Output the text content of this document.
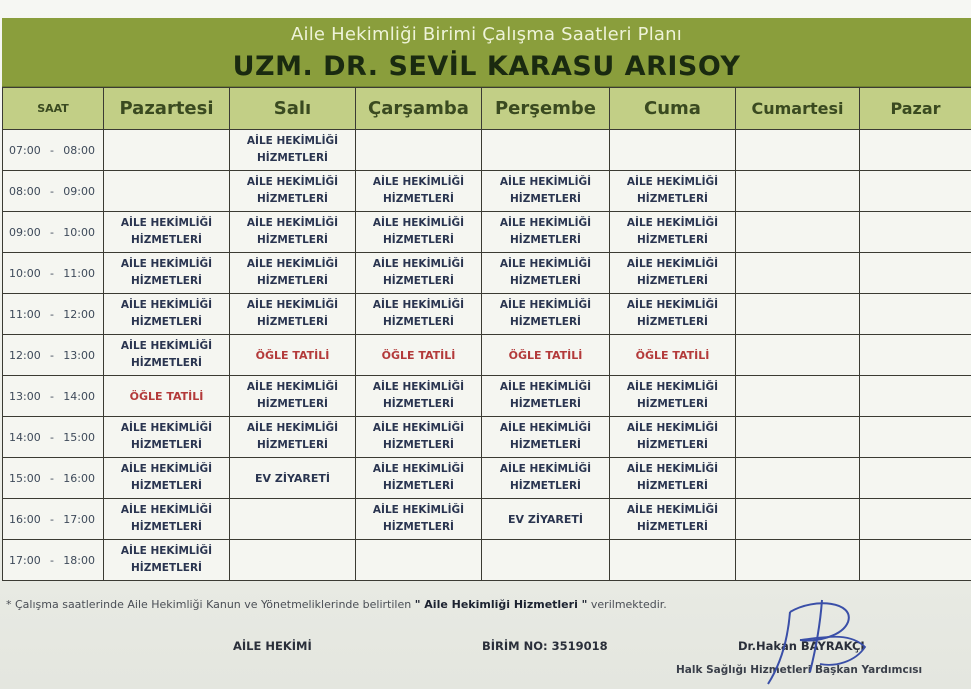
Aile Hekimliği Birimi Çalışma Saatleri Planı
UZM. DR. SEVİL KARASU ARISOY
SAAT	Pazartesi	Salı	Çarşamba	Perşembe	Cuma	Cumartesi	Pazar

07:00 - 08:00		AİLE HEKİMLİĞİ HİZMETLERİ					

08:00 - 09:00		AİLE HEKİMLİĞİ HİZMETLERİ	AİLE HEKİMLİĞİ HİZMETLERİ	AİLE HEKİMLİĞİ HİZMETLERİ	AİLE HEKİMLİĞİ HİZMETLERİ		

09:00 - 10:00	AİLE HEKİMLİĞİ HİZMETLERİ	AİLE HEKİMLİĞİ HİZMETLERİ	AİLE HEKİMLİĞİ HİZMETLERİ	AİLE HEKİMLİĞİ HİZMETLERİ	AİLE HEKİMLİĞİ HİZMETLERİ		

10:00 - 11:00	AİLE HEKİMLİĞİ HİZMETLERİ	AİLE HEKİMLİĞİ HİZMETLERİ	AİLE HEKİMLİĞİ HİZMETLERİ	AİLE HEKİMLİĞİ HİZMETLERİ	AİLE HEKİMLİĞİ HİZMETLERİ		

11:00 - 12:00	AİLE HEKİMLİĞİ HİZMETLERİ	AİLE HEKİMLİĞİ HİZMETLERİ	AİLE HEKİMLİĞİ HİZMETLERİ	AİLE HEKİMLİĞİ HİZMETLERİ	AİLE HEKİMLİĞİ HİZMETLERİ		

12:00 - 13:00	AİLE HEKİMLİĞİ HİZMETLERİ	ÖĞLE TATİLİ	ÖĞLE TATİLİ	ÖĞLE TATİLİ	ÖĞLE TATİLİ		

13:00 - 14:00	ÖĞLE TATİLİ	AİLE HEKİMLİĞİ HİZMETLERİ	AİLE HEKİMLİĞİ HİZMETLERİ	AİLE HEKİMLİĞİ HİZMETLERİ	AİLE HEKİMLİĞİ HİZMETLERİ		

14:00 - 15:00	AİLE HEKİMLİĞİ HİZMETLERİ	AİLE HEKİMLİĞİ HİZMETLERİ	AİLE HEKİMLİĞİ HİZMETLERİ	AİLE HEKİMLİĞİ HİZMETLERİ	AİLE HEKİMLİĞİ HİZMETLERİ		

15:00 - 16:00	AİLE HEKİMLİĞİ HİZMETLERİ	EV ZİYARETİ	AİLE HEKİMLİĞİ HİZMETLERİ	AİLE HEKİMLİĞİ HİZMETLERİ	AİLE HEKİMLİĞİ HİZMETLERİ		

16:00 - 17:00	AİLE HEKİMLİĞİ HİZMETLERİ		AİLE HEKİMLİĞİ HİZMETLERİ	EV ZİYARETİ	AİLE HEKİMLİĞİ HİZMETLERİ		

17:00 - 18:00	AİLE HEKİMLİĞİ HİZMETLERİ						
* Çalışma saatlerinde Aile Hekimliği Kanun ve Yönetmeliklerinde belirtilen " Aile Hekimliği Hizmetleri " verilmektedir.
AİLE HEKİMİ	BİRİM NO: 3519018	Dr.Hakan BAYRAKÇI
Halk Sağlığı Hizmetleri Başkan Yardımcısı
